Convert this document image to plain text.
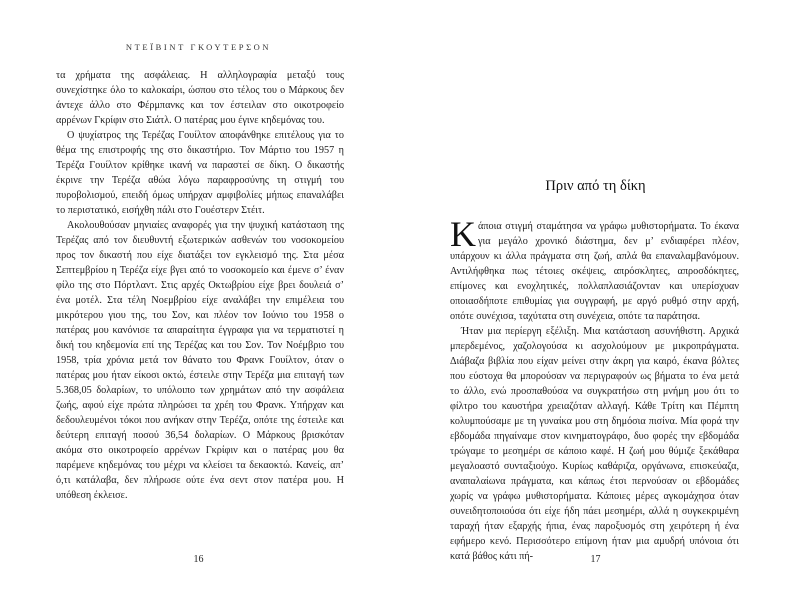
ΝΤΕΪΒΙΝΤ ΓΚΟΥΤΕΡΣΟΝ

τα χρήματα της ασφάλειας. Η αλληλογραφία μεταξύ τους συνεχίστηκε όλο το καλοκαίρι, ώσπου στο τέλος του ο Μάρκους δεν άντεχε άλλο στο Φέρμπανκς και τον έστειλαν στο οικοτροφείο αρρένων Γκρίφιν στο Σιάτλ. Ο πατέρας μου έγινε κηδεμόνας του.

Ο ψυχίατρος της Τερέζας Γουίλτον αποφάνθηκε επιτέλους για το θέμα της επιστροφής της στο δικαστήριο. Τον Μάρτιο του 1957 η Τερέζα Γουίλτον κρίθηκε ικανή να παραστεί σε δίκη. Ο δικαστής έκρινε την Τερέζα αθώα λόγω παραφροσύνης τη στιγμή του πυροβολισμού, επειδή όμως υπήρχαν αμφιβολίες μήπως επαναλάβει το περιστατικό, εισήχθη πάλι στο Γουέστερν Στέιτ.

Ακολουθούσαν μηνιαίες αναφορές για την ψυχική κατάσταση της Τερέζας από τον διευθυντή εξωτερικών ασθενών του νοσοκομείου προς τον δικαστή που είχε διατάξει τον εγκλεισμό της. Στα μέσα Σεπτεμβρίου η Τερέζα είχε βγει από το νοσοκομείο και έμενε σ’ έναν φίλο της στο Πόρτλαντ. Στις αρχές Οκτωβρίου είχε βρει δουλειά σ’ ένα μοτέλ. Στα τέλη Νοεμβρίου είχε αναλάβει την επιμέλεια του μικρότερου γιου της, του Σον, και πλέον τον Ιούνιο του 1958 ο πατέρας μου κανόνισε τα απαραίτητα έγγραφα για να τερματιστεί η δική του κηδεμονία επί της Τερέζας και του Σον. Τον Νοέμβριο του 1958, τρία χρόνια μετά τον θάνατο του Φρανκ Γουίλτον, όταν ο πατέρας μου ήταν είκοσι οκτώ, έστειλε στην Τερέζα μια επιταγή των 5.368,05 δολαρίων, το υπόλοιπο των χρημάτων από την ασφάλεια ζωής, αφού είχε πρώτα πληρώσει τα χρέη του Φρανκ. Υπήρχαν και δεδουλευμένοι τόκοι που ανήκαν στην Τερέζα, οπότε της έστειλε και δεύτερη επιταγή ποσού 36,54 δολαρίων. Ο Μάρκους βρισκόταν ακόμα στο οικοτροφείο αρρένων Γκρίφιν και ο πατέρας μου θα παρέμενε κηδεμόνας του μέχρι να κλείσει τα δεκαοκτώ. Κανείς, απ’ ό,τι κατάλαβα, δεν πλήρωσε ούτε ένα σεντ στον πατέρα μου. Η υπόθεση έκλεισε.

16
Πριν από τη δίκη

Κάποια στιγμή σταμάτησα να γράφω μυθιστορήματα. Το έκανα για μεγάλο χρονικό διάστημα, δεν μ’ ενδιαφέρει πλέον, υπάρχουν κι άλλα πράγματα στη ζωή, απλά θα επαναλαμβανόμουν. Αντιλήφθηκα πως τέτοιες σκέψεις, απρόσκλητες, απροσδόκητες, επίμονες και ενοχλητικές, πολλαπλασιάζονταν και υπερίσχυαν οποιασδήποτε επιθυμίας για συγγραφή, με αργό ρυθμό στην αρχή, οπότε συνέχισα, ταχύτατα στη συνέχεια, οπότε τα παράτησα.

Ήταν μια περίεργη εξέλιξη. Μια κατάσταση ασυνήθιστη. Αρχικά μπερδεμένος, χαζολογούσα κι ασχολούμουν με μικροπράγματα. Διάβαζα βιβλία που είχαν μείνει στην άκρη για καιρό, έκανα βόλτες που εύστοχα θα μπορούσαν να περιγραφούν ως βήματα το ένα μετά το άλλο, ενώ προσπαθούσα να συγκρατήσω στη μνήμη μου ότι το φίλτρο του καυστήρα χρειαζόταν αλλαγή. Κάθε Τρίτη και Πέμπτη κολυμπούσαμε με τη γυναίκα μου στη δημόσια πισίνα. Μία φορά την εβδομάδα πηγαίναμε στον κινηματογράφο, δυο φορές την εβδομάδα τρώγαμε το μεσημέρι σε κάποιο καφέ. Η ζωή μου θύμιζε ξεκάθαρα μεγαλοαστό συνταξιούχο. Κυρίως καθάριζα, οργάνωνα, επισκεύαζα, αναπαλαίωνα πράγματα, και κάπως έτσι περνούσαν οι εβδομάδες χωρίς να γράφω μυθιστορήματα. Κάποιες μέρες αγκομάχησα όταν συνειδητοποιούσα ότι είχε ήδη πάει μεσημέρι, αλλά η συγκεκριμένη ταραχή ήταν εξαρχής ήπια, ένας παροξυσμός στη χειρότερη ή ένα εφήμερο κενό. Περισσότερο επίμονη ήταν μια αμυδρή υπόνοια ότι κατά βάθος κάτι πή-	17
